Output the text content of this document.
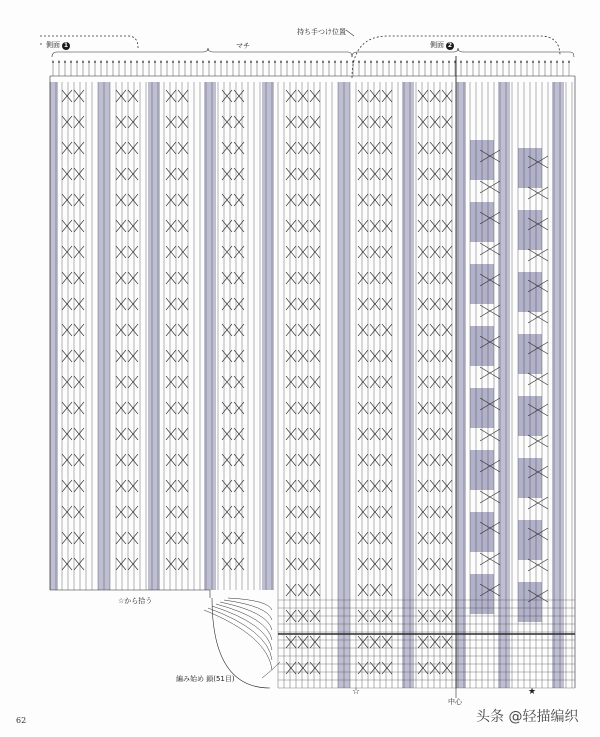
側面 1	マチ
持ち手つけ位置
側面 2
☆から拾う
編み始め 鎖(51目)
中心
☆	★
62	头条 @轻描编织
